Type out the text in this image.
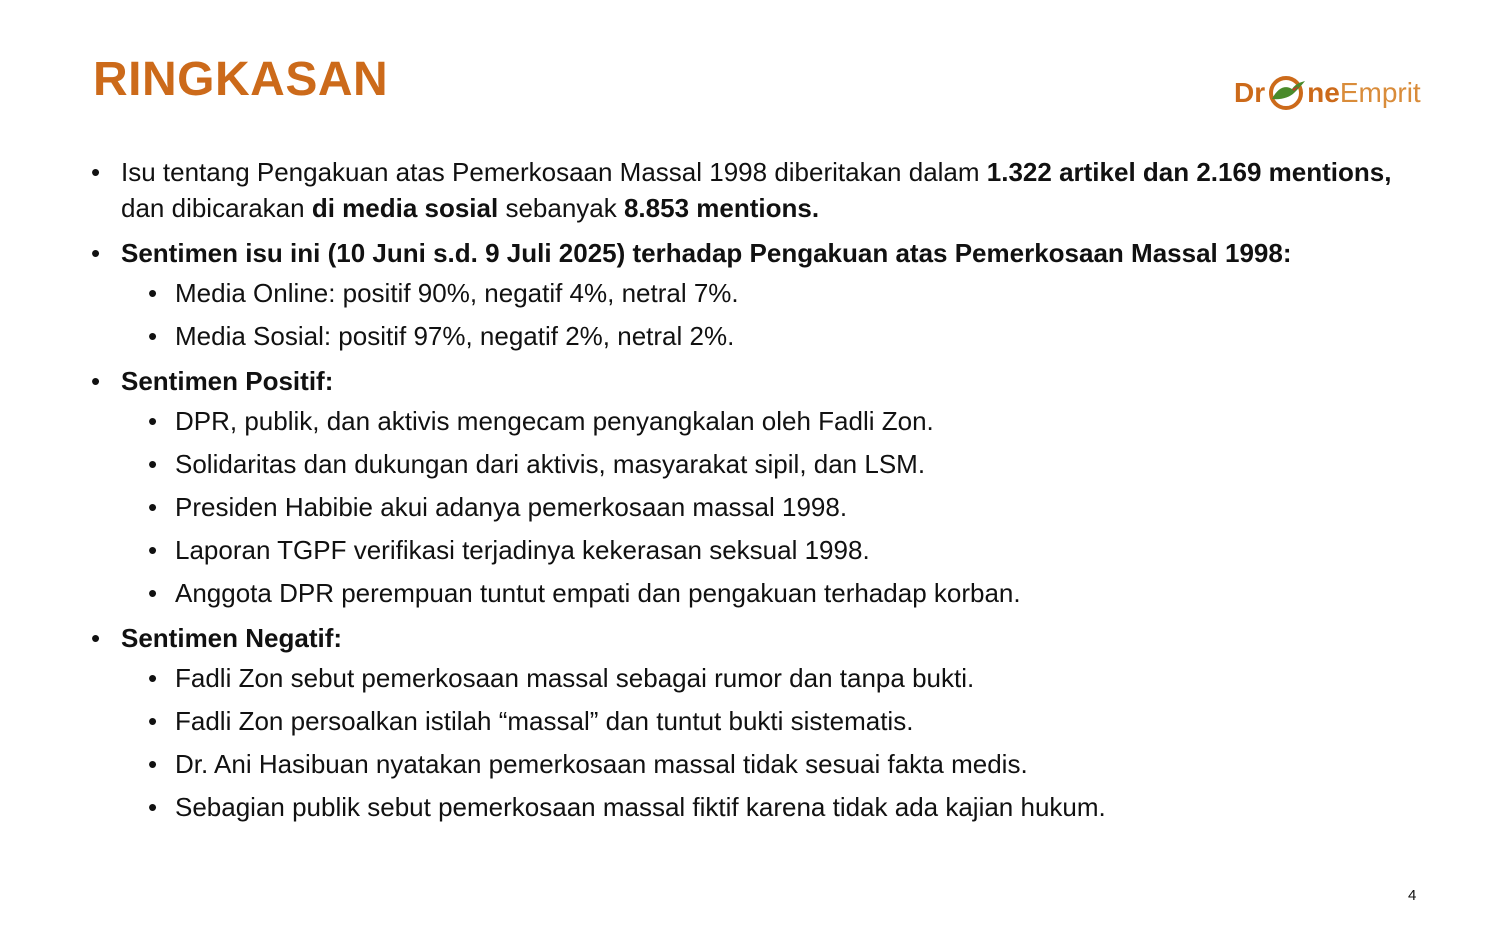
RINGKASAN	Dr ne Emprit
• Isu tentang Pengakuan atas Pemerkosaan Massal 1998 diberitakan dalam 1.322 artikel dan 2.169 mentions, dan dibicarakan di media sosial sebanyak 8.853 mentions.
• Sentimen isu ini (10 Juni s.d. 9 Juli 2025) terhadap Pengakuan atas Pemerkosaan Massal 1998:
• Media Online: positif 90%, negatif 4%, netral 7%.
• Media Sosial: positif 97%, negatif 2%, netral 2%.
• Sentimen Positif:
• DPR, publik, dan aktivis mengecam penyangkalan oleh Fadli Zon.
• Solidaritas dan dukungan dari aktivis, masyarakat sipil, dan LSM.
• Presiden Habibie akui adanya pemerkosaan massal 1998.
• Laporan TGPF verifikasi terjadinya kekerasan seksual 1998.
• Anggota DPR perempuan tuntut empati dan pengakuan terhadap korban.
• Sentimen Negatif:
• Fadli Zon sebut pemerkosaan massal sebagai rumor dan tanpa bukti.
• Fadli Zon persoalkan istilah “massal” dan tuntut bukti sistematis.
• Dr. Ani Hasibuan nyatakan pemerkosaan massal tidak sesuai fakta medis.
• Sebagian publik sebut pemerkosaan massal fiktif karena tidak ada kajian hukum.
4
